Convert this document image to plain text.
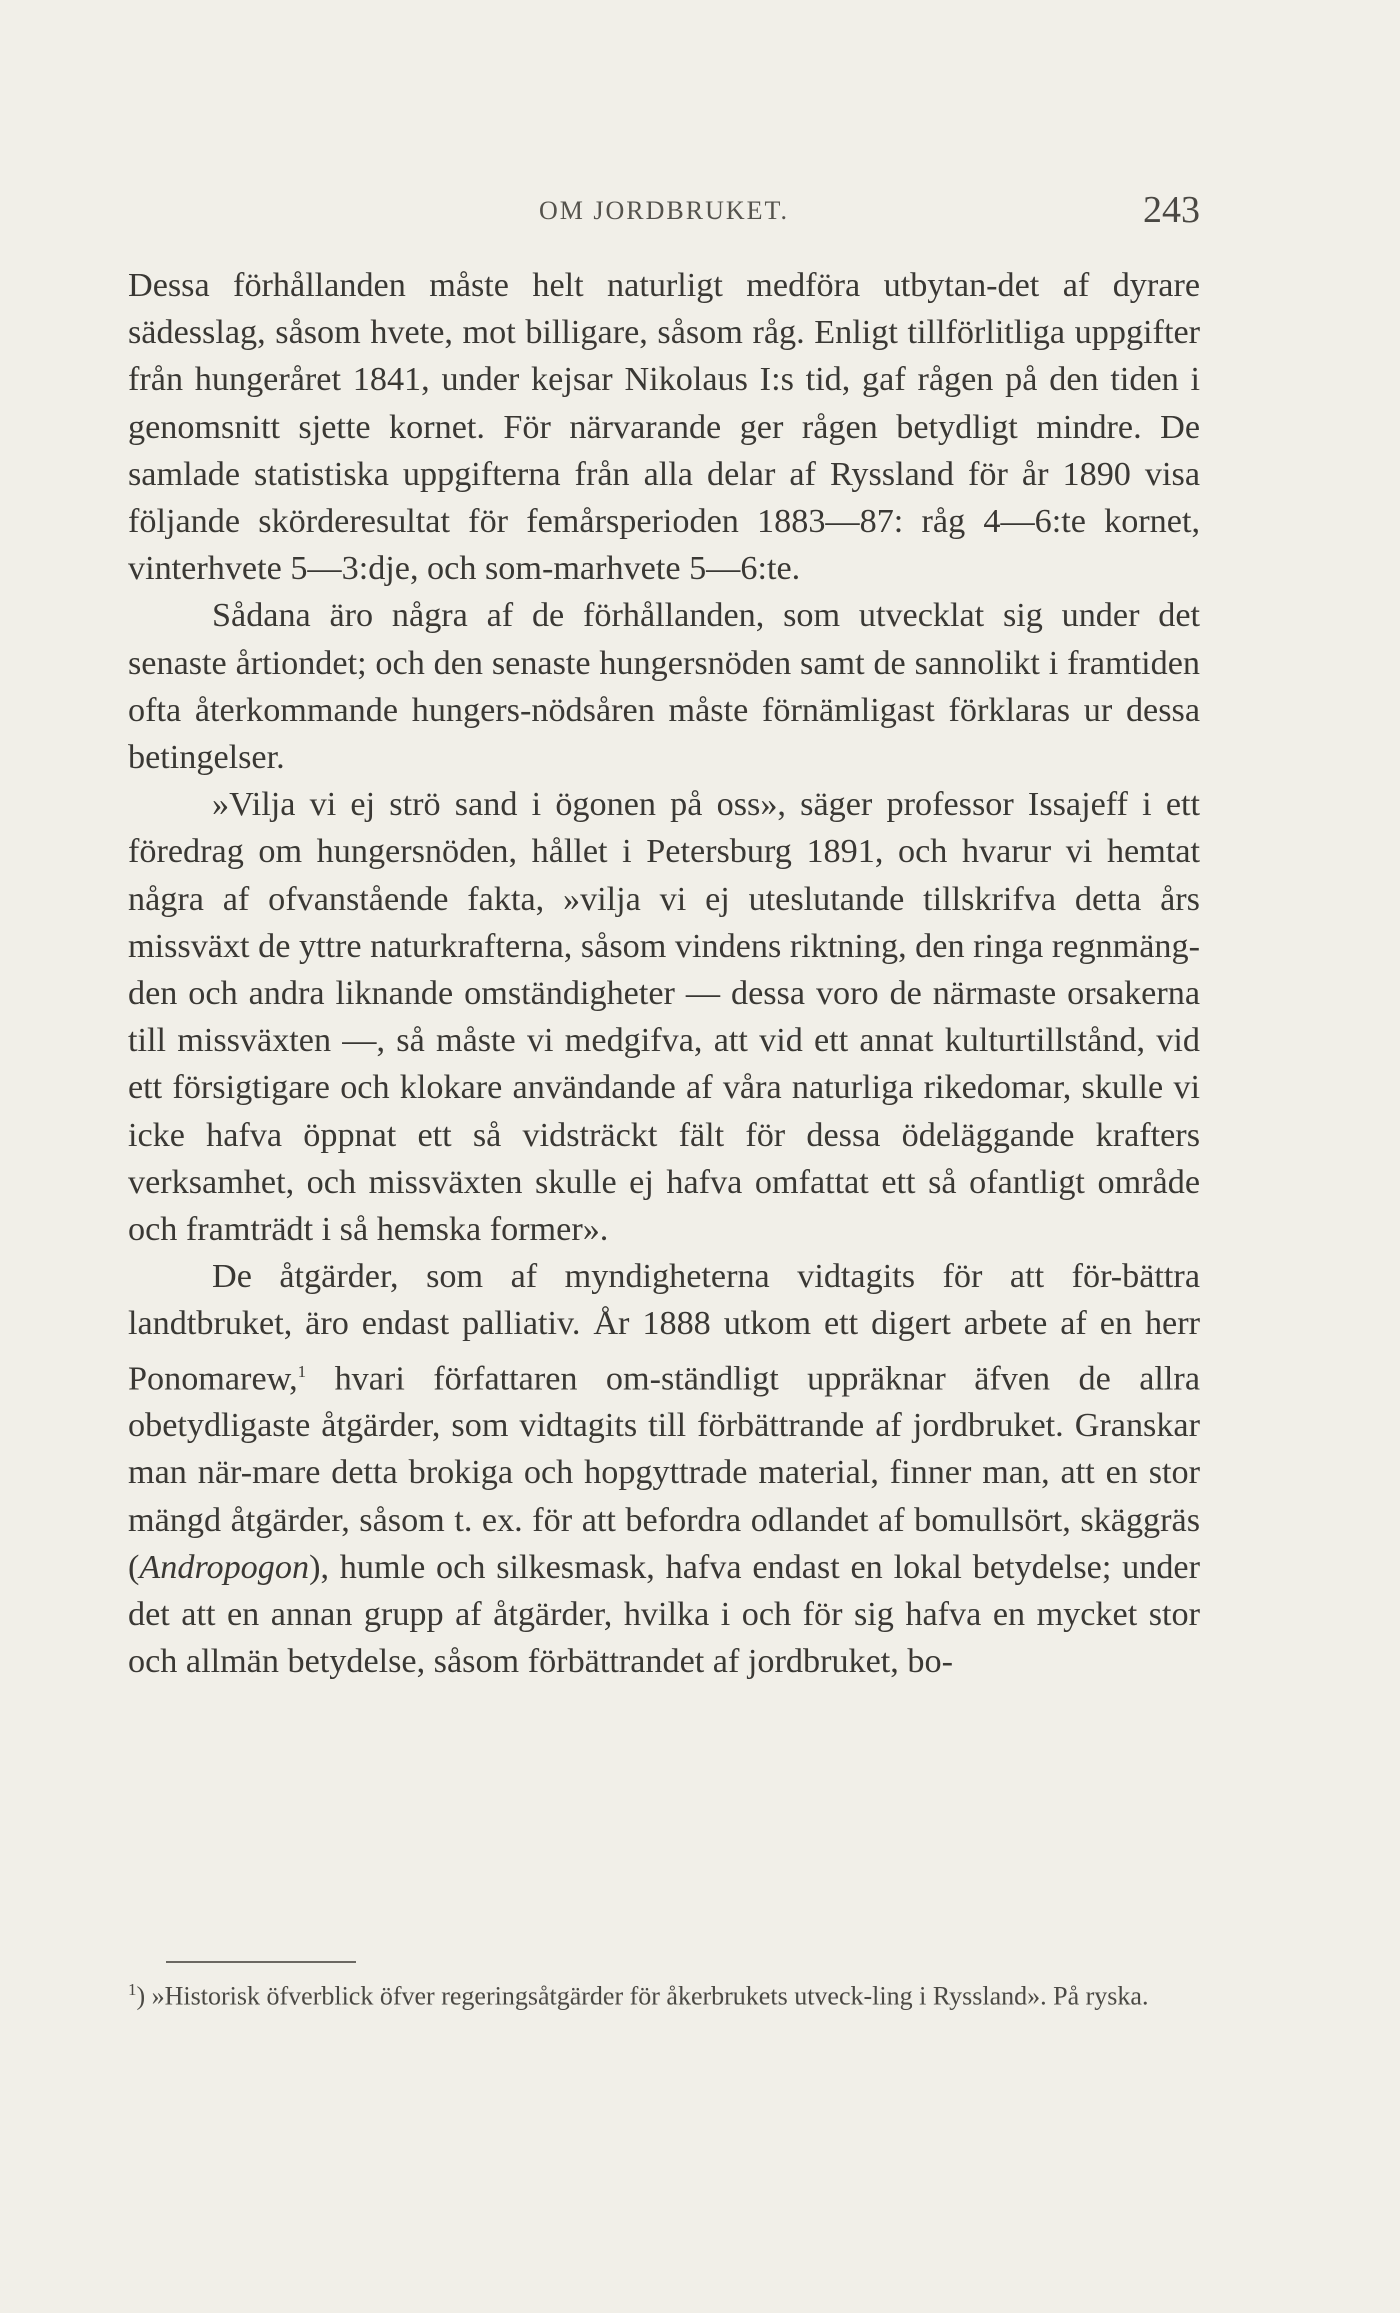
OM JORDBRUKET.	243

Dessa förhållanden måste helt naturligt medföra utbytan-det af dyrare sädesslag, såsom hvete, mot billigare, såsom råg. Enligt tillförlitliga uppgifter från hungeråret 1841, under kejsar Nikolaus I:s tid, gaf rågen på den tiden i genomsnitt sjette kornet. För närvarande ger rågen betydligt mindre. De samlade statistiska uppgifterna från alla delar af Ryssland för år 1890 visa följande skörderesultat för femårsperioden 1883—87: råg 4—6:te kornet, vinterhvete 5—3:dje, och som-marhvete 5—6:te.

Sådana äro några af de förhållanden, som utvecklat sig under det senaste årtiondet; och den senaste hungersnöden samt de sannolikt i framtiden ofta återkommande hungers-nödsåren måste förnämligast förklaras ur dessa betingelser.

»Vilja vi ej strö sand i ögonen på oss», säger professor Issajeff i ett föredrag om hungersnöden, hållet i Petersburg 1891, och hvarur vi hemtat några af ofvanstående fakta, »vilja vi ej uteslutande tillskrifva detta års missväxt de yttre naturkrafterna, såsom vindens riktning, den ringa regnmäng-den och andra liknande omständigheter — dessa voro de närmaste orsakerna till missväxten —, så måste vi medgifva, att vid ett annat kulturtillstånd, vid ett försigtigare och klokare användande af våra naturliga rikedomar, skulle vi icke hafva öppnat ett så vidsträckt fält för dessa ödeläggande krafters verksamhet, och missväxten skulle ej hafva omfattat ett så ofantligt område och framträdt i så hemska former».

De åtgärder, som af myndigheterna vidtagits för att för-bättra landtbruket, äro endast palliativ. År 1888 utkom ett digert arbete af en herr Ponomarew,$^1$ hvari författaren om-ständligt uppräknar äfven de allra obetydligaste åtgärder, som vidtagits till förbättrande af jordbruket. Granskar man när-mare detta brokiga och hopgyttrade material, finner man, att en stor mängd åtgärder, såsom t. ex. för att befordra odlandet af bomullsört, skäggräs (Andropogon), humle och silkesmask, hafva endast en lokal betydelse; under det att en annan grupp af åtgärder, hvilka i och för sig hafva en mycket stor och allmän betydelse, såsom förbättrandet af jordbruket, bo-

$^1$) »Historisk öfverblick öfver regeringsåtgärder för åkerbrukets utveck-ling i Ryssland». På ryska.
